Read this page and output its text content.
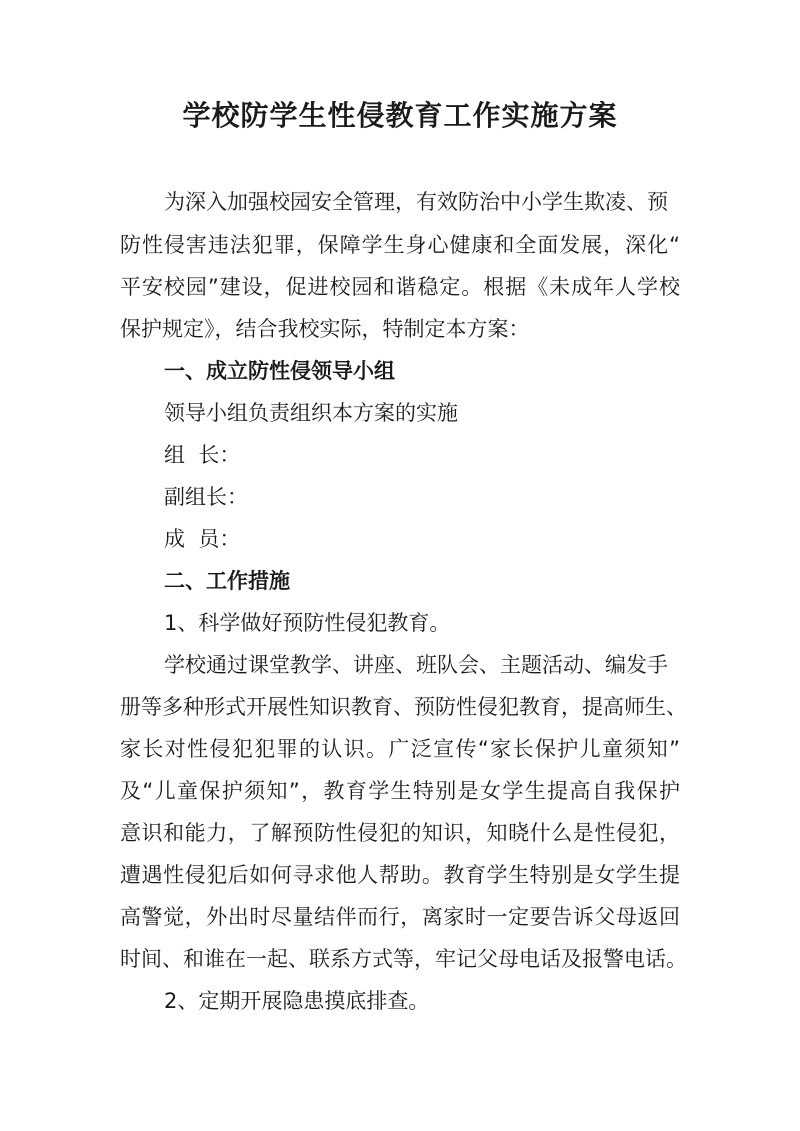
学校防学生性侵教育工作实施方案
为深入加强校园安全管理，有效防治中小学生欺凌、预
防性侵害违法犯罪，保障学生身心健康和全面发展，深化“
平安校园”建设，促进校园和谐稳定。根据《未成年人学校
保护规定》，结合我校实际，特制定本方案：
一、成立防性侵领导小组
领导小组负责组织本方案的实施
组  长：
副组长：
成  员：
二、工作措施
1、科学做好预防性侵犯教育。
学校通过课堂教学、讲座、班队会、主题活动、编发手
册等多种形式开展性知识教育、预防性侵犯教育，提高师生、
家长对性侵犯犯罪的认识。广泛宣传“家长保护儿童须知”
及“儿童保护须知”，教育学生特别是女学生提高自我保护
意识和能力，了解预防性侵犯的知识，知晓什么是性侵犯，
遭遇性侵犯后如何寻求他人帮助。教育学生特别是女学生提
高警觉，外出时尽量结伴而行，离家时一定要告诉父母返回
时间、和谁在一起、联系方式等，牢记父母电话及报警电话。
2、定期开展隐患摸底排查。
